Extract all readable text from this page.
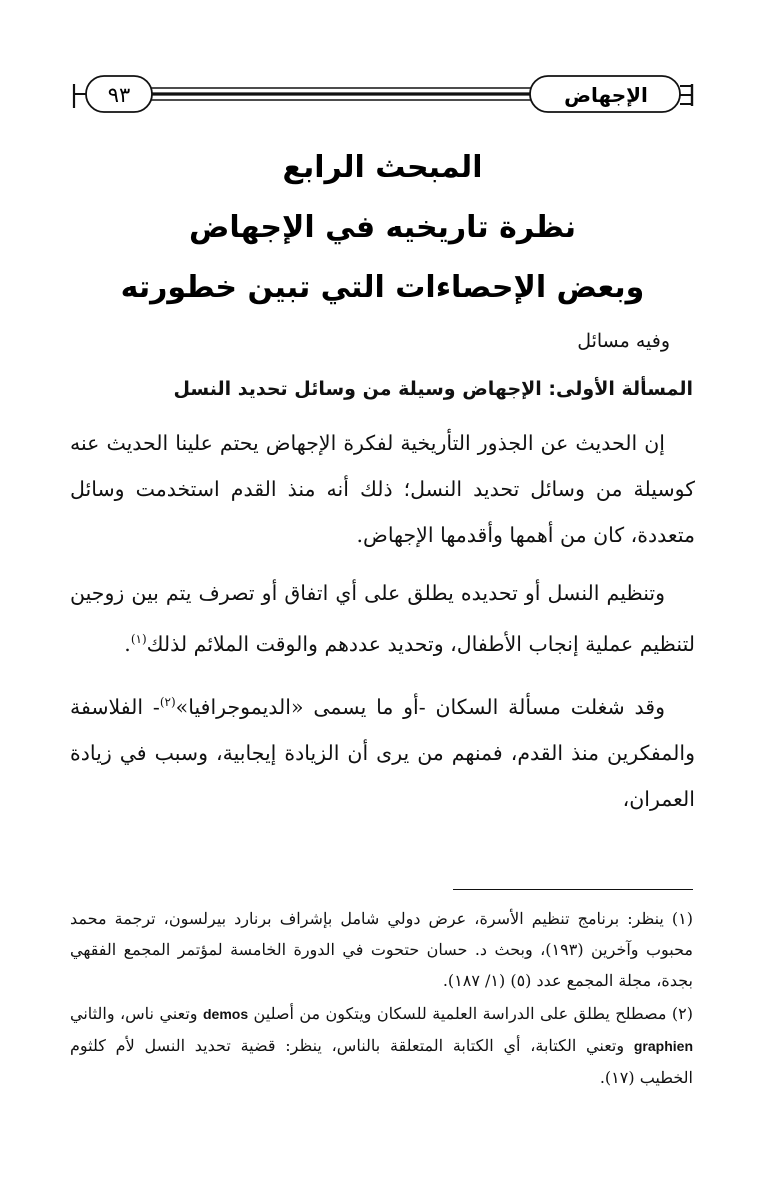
الإجهاض
٩٣

المبحث الرابع

نظرة تاريخيه في الإجهاض

وبعض الإحصاءات التي تبين خطورته

وفيه مسائل

المسألة الأولى: الإجهاض وسيلة من وسائل تحديد النسل

إن الحديث عن الجذور التأريخية لفكرة الإجهاض يحتم علينا الحديث عنه كوسيلة من وسائل تحديد النسل؛ ذلك أنه منذ القدم استخدمت وسائل متعددة، كان من أهمها وأقدمها الإجهاض.

وتنظيم النسل أو تحديده يطلق على أي اتفاق أو تصرف يتم بين زوجين لتنظيم عملية إنجاب الأطفال، وتحديد عددهم والوقت الملائم لذلك$^{(١)}$.

وقد شغلت مسألة السكان -أو ما يسمى «الديموجرافيا»$^{(٢)}$- الفلاسفة والمفكرين منذ القدم، فمنهم من يرى أن الزيادة إيجابية، وسبب في زيادة العمران،

(١) ينظر: برنامج تنظيم الأسرة، عرض دولي شامل بإشراف برنارد بيرلسون، ترجمة محمد محبوب وآخرين (١٩٣)، وبحث د. حسان حتحوت في الدورة الخامسة لمؤتمر المجمع الفقهي بجدة، مجلة المجمع عدد (٥) (١/ ١٨٧).

(٢) مصطلح يطلق على الدراسة العلمية للسكان ويتكون من أصلين demos وتعني ناس، والثاني graphien وتعني الكتابة، أي الكتابة المتعلقة بالناس، ينظر: قضية تحديد النسل لأم كلثوم الخطيب (١٧).
